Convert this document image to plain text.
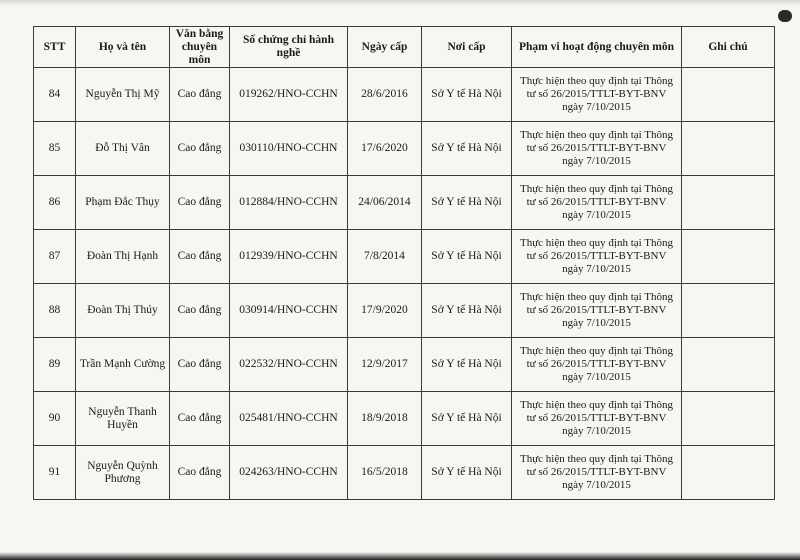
STT	Họ và tên	Văn bằng chuyên môn	Số chứng chỉ hành nghề	Ngày cấp	Nơi cấp	Phạm vi hoạt động chuyên môn	Ghi chú
84	Nguyễn Thị Mỹ	Cao đẳng	019262/HNO-CCHN	28/6/2016	Sở Y tế Hà Nội	Thực hiện theo quy định tại Thông tư số 26/2015/TTLT-BYT-BNV ngày 7/10/2015	
85	Đỗ Thị Vân	Cao đẳng	030110/HNO-CCHN	17/6/2020	Sở Y tế Hà Nội	Thực hiện theo quy định tại Thông tư số 26/2015/TTLT-BYT-BNV ngày 7/10/2015	
86	Phạm Đắc Thụy	Cao đẳng	012884/HNO-CCHN	24/06/2014	Sở Y tế Hà Nội	Thực hiện theo quy định tại Thông tư số 26/2015/TTLT-BYT-BNV ngày 7/10/2015	
87	Đoàn Thị Hạnh	Cao đẳng	012939/HNO-CCHN	7/8/2014	Sở Y tế Hà Nội	Thực hiện theo quy định tại Thông tư số 26/2015/TTLT-BYT-BNV ngày 7/10/2015	
88	Đoàn Thị Thúy	Cao đẳng	030914/HNO-CCHN	17/9/2020	Sở Y tế Hà Nội	Thực hiện theo quy định tại Thông tư số 26/2015/TTLT-BYT-BNV ngày 7/10/2015	
89	Trần Mạnh Cường	Cao đẳng	022532/HNO-CCHN	12/9/2017	Sở Y tế Hà Nội	Thực hiện theo quy định tại Thông tư số 26/2015/TTLT-BYT-BNV ngày 7/10/2015	
90	Nguyễn Thanh Huyền	Cao đẳng	025481/HNO-CCHN	18/9/2018	Sở Y tế Hà Nội	Thực hiện theo quy định tại Thông tư số 26/2015/TTLT-BYT-BNV ngày 7/10/2015	
91	Nguyễn Quỳnh Phương	Cao đẳng	024263/HNO-CCHN	16/5/2018	Sở Y tế Hà Nội	Thực hiện theo quy định tại Thông tư số 26/2015/TTLT-BYT-BNV ngày 7/10/2015	
